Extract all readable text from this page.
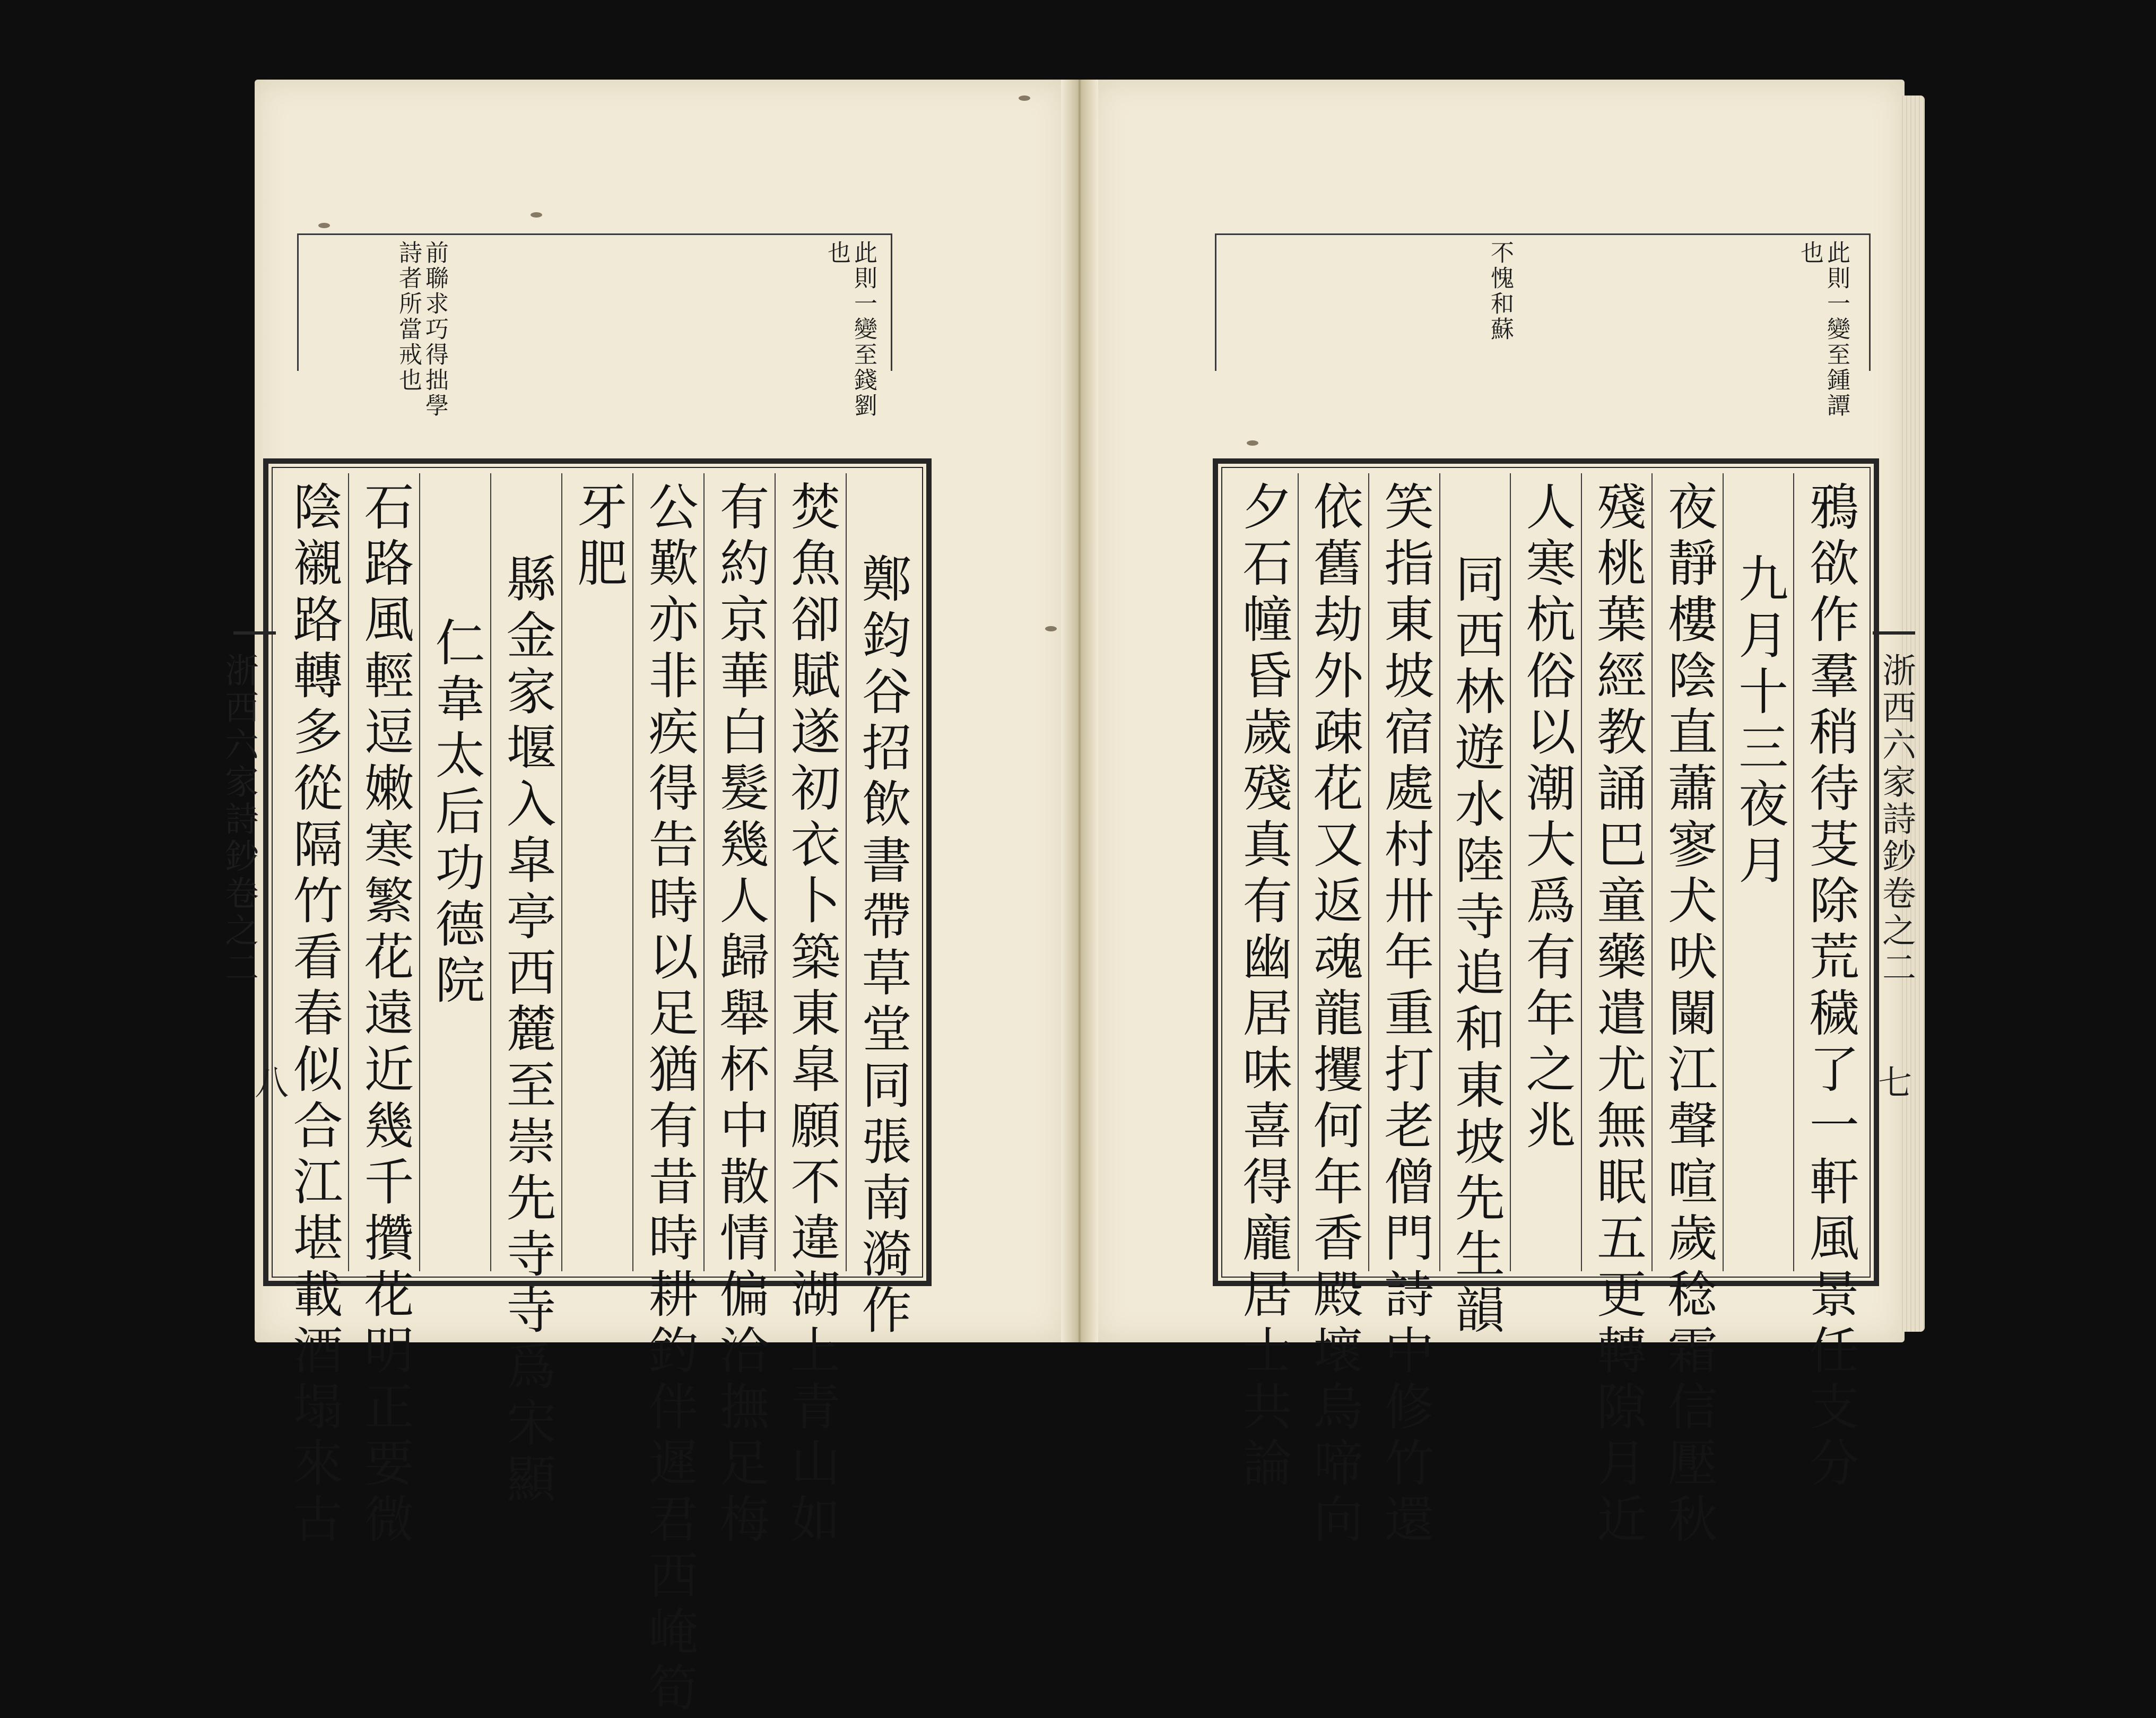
此則一變至錢劉
也
前聯求巧得拙學
詩者所當戒也	此則一變至鍾譚
也
不愧和蘇
鄭鈞谷招飲書帶草堂同張南漪作
焚魚卻賦遂初衣卜築東皐願不違湖上青山如
有約京華白髮幾人歸舉杯中散情偏洽撫足梅
公歎亦非疾得告時以足猶有昔時耕釣伴遲君西崦筍
牙肥
縣金家堰入皐亭西麓至崇先寺寺爲宋顯
仁韋太后功德院
石路風輕逗嫩寒繁花遠近幾千攢花明正要微
陰襯路轉多從隔竹看春似合江堪載酒塌來古	鴉欲作羣稍待芟除荒穢了一軒風景任支分
九月十三夜月
夜靜樓陰直蕭寥犬吠闌江聲喧歲稔霜信壓秋
殘桃葉經教誦巴童藥遣尤無眠五更轉隙月近
人寒杭俗以潮大爲有年之兆
同西林遊水陸寺追和東坡先生韻
笑指東坡宿處村卅年重打老僧門詩中修竹還
依舊劫外疎花又返魂龍攫何年香殿壞烏啼向
夕石幢昏歲殘真有幽居味喜得龐居士共論
浙西六家詩鈔卷之二
八
浙西六家詩鈔卷之二
七
